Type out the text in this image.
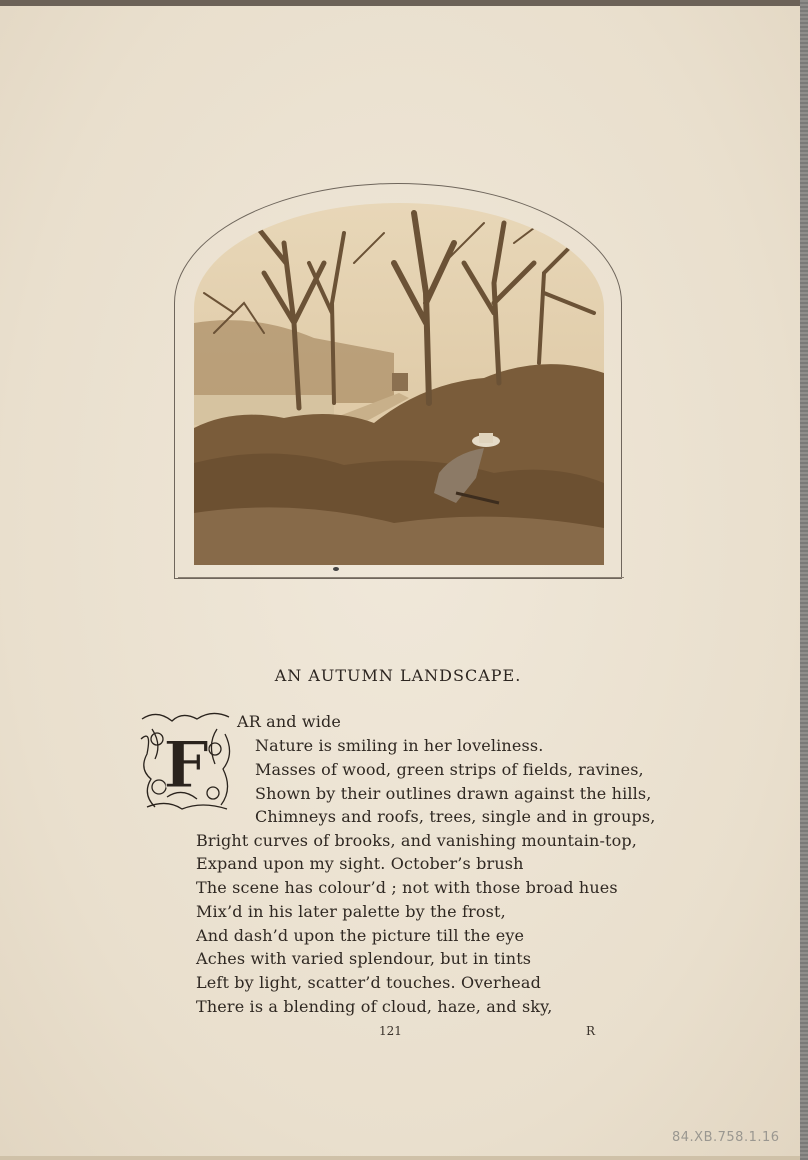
AN AUTUMN LANDSCAPE.
F
AR and wide
Nature is smiling in her loveliness.
Masses of wood, green strips of fields, ravines,
Shown by their outlines drawn against the hills,
Chimneys and roofs, trees, single and in groups,
Bright curves of brooks, and vanishing mountain-top,
Expand upon my sight. October’s brush
The scene has colour’d ; not with those broad hues
Mix’d in his later palette by the frost,
And dash’d upon the picture till the eye
Aches with varied splendour, but in tints
Left by light, scatter’d touches. Overhead
There is a blending of cloud, haze, and sky,
121	R
84.XB.758.1.16
